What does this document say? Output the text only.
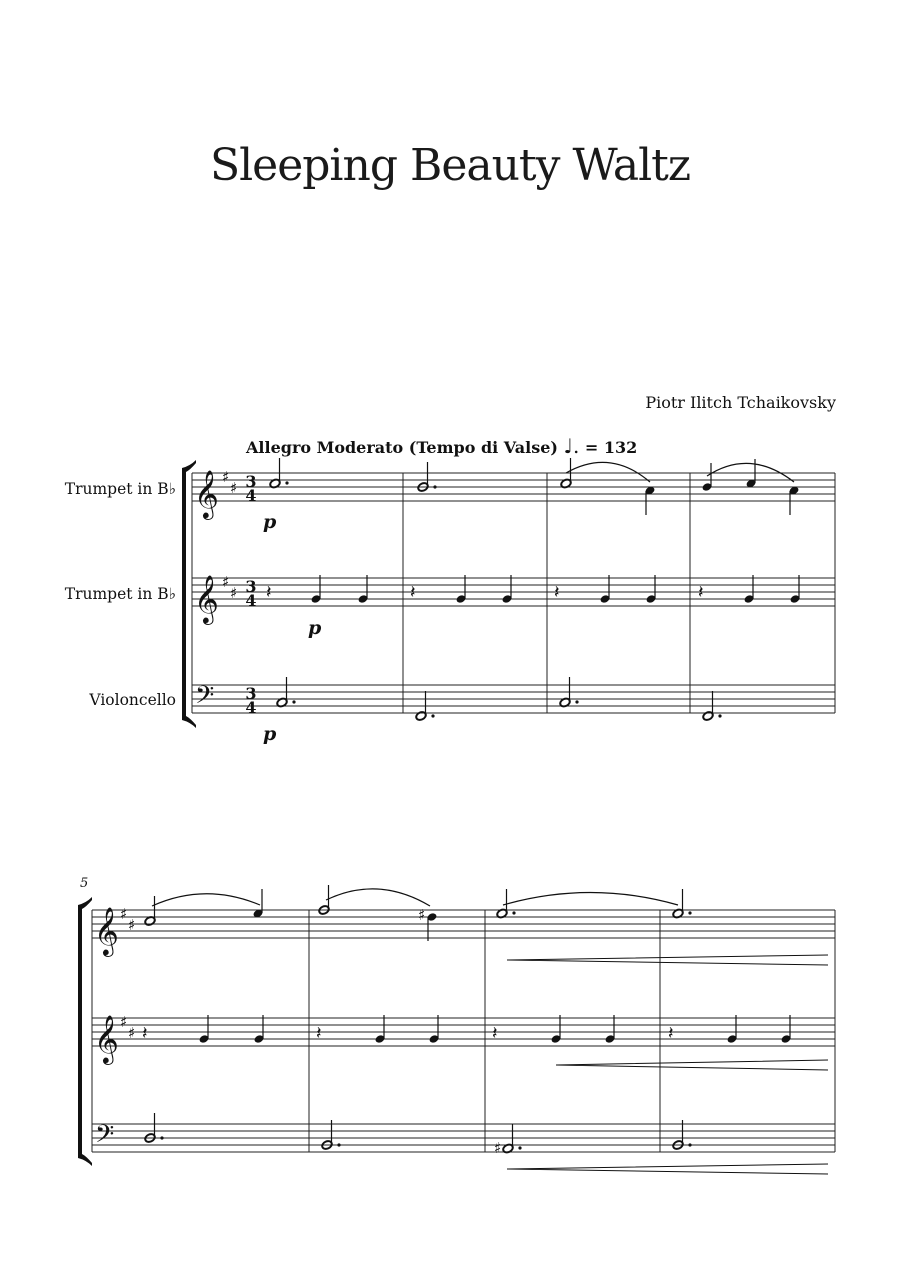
Sleeping Beauty Waltz
Piotr Ilitch Tchaikovsky
Allegro Moderato (Tempo di Valse) ♩. = 132
Trumpet in B♭
Trumpet in B♭
Violoncello
5
𝄞
𝄞
𝄢
𝄞
𝄞
𝄢
♯
♯
♯
♯
♯
♯
♯
♯
3
4
3
4
3
4
p
p
p
𝄽	𝄽	𝄽	𝄽
♯
𝄽	𝄽	𝄽	𝄽
♯
